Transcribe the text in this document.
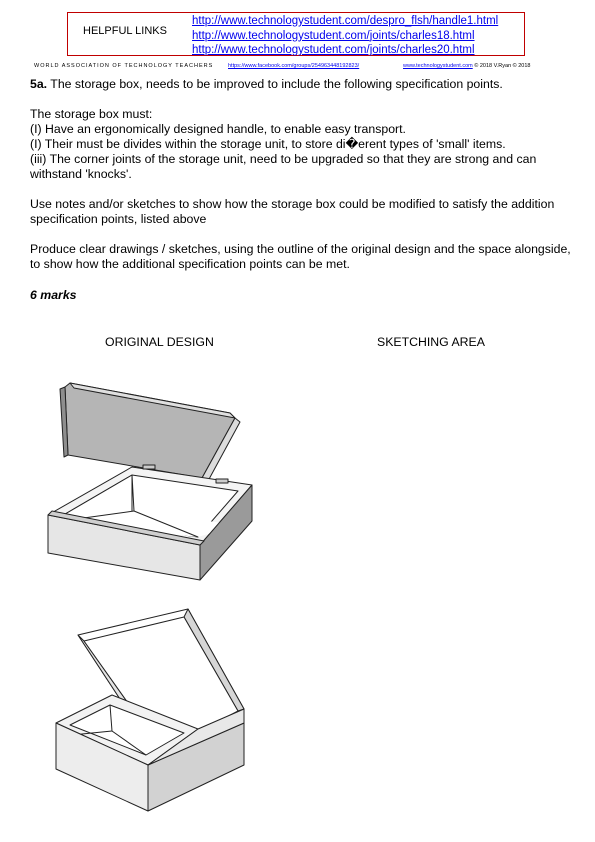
HELPFUL LINKS
http://www.technologystudent.com/despro_flsh/handle1.html
http://www.technologystudent.com/joints/charles18.html
http://www.technologystudent.com/joints/charles20.html
WORLD ASSOCIATION OF TECHNOLOGY TEACHERS	https://www.facebook.com/groups/254963448192823/	www.technologystudent.com © 2018 V.Ryan © 2018

5a. The storage box, needs to be improved to include the following specification points.

The storage box must:

(I) Have an ergonomically designed handle, to enable easy transport.

(I) Their must be divides within the storage unit, to store di�erent types of 'small' items.

(iii) The corner joints of the storage unit, need to be upgraded so that they are strong and can withstand 'knocks'.

Use notes and/or sketches to show how the storage box could be modified to satisfy the addition specification points, listed above

Produce clear drawings / sketches, using the outline of the original design and the space alongside, to show how the additional specification points can be met.

6 marks

ORIGINAL DESIGN	SKETCHING AREA
